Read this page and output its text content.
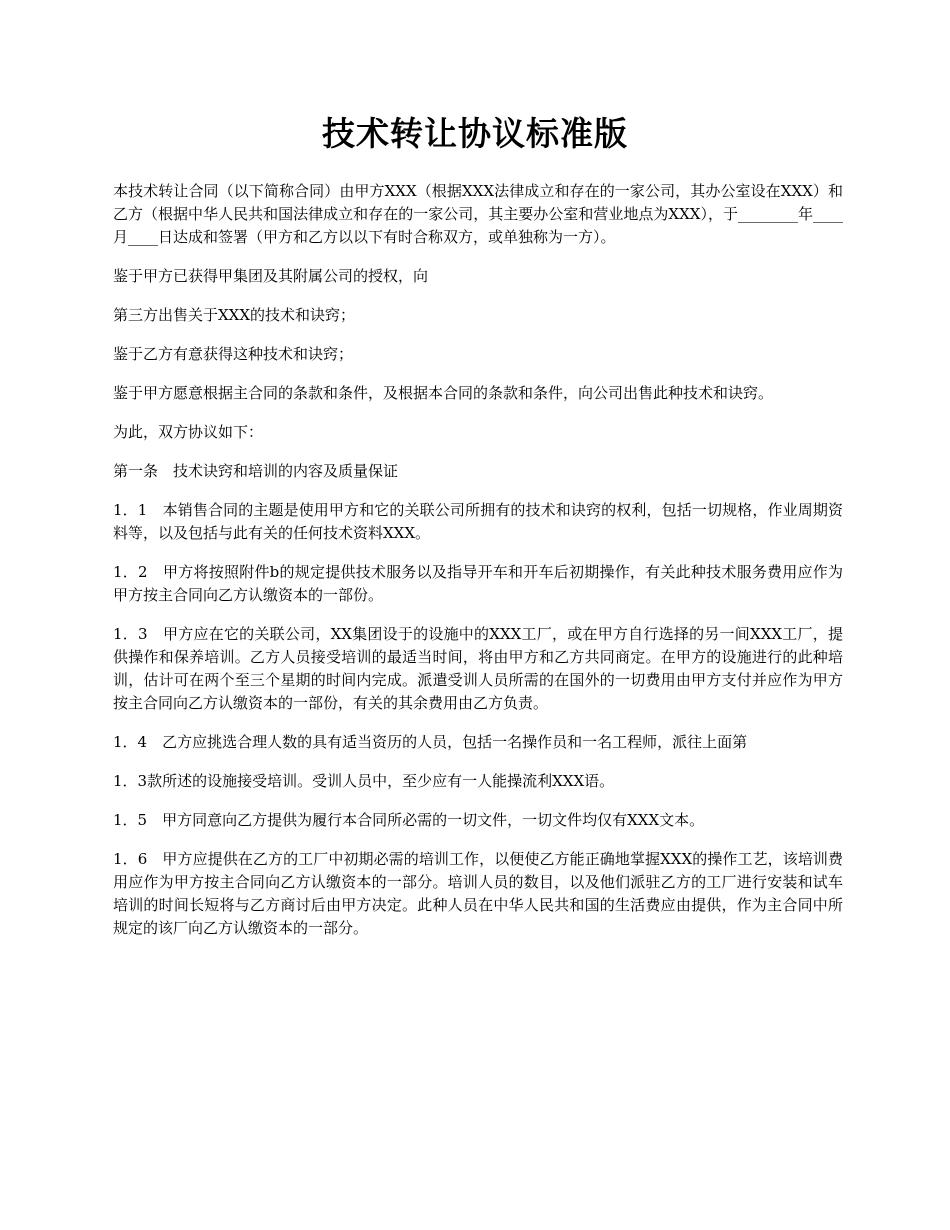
技术转让协议标准版

本技术转让合同（以下简称合同）由甲方XXX（根据XXX法律成立和存在的一家公司，其办公室设在XXX）和乙方（根据中华人民共和国法律成立和存在的一家公司，其主要办公室和营业地点为XXX），于________年____月____日达成和签署（甲方和乙方以以下有时合称双方，或单独称为一方）。

鉴于甲方已获得甲集团及其附属公司的授权，向

第三方出售关于XXX的技术和诀窍；

鉴于乙方有意获得这种技术和诀窍；

鉴于甲方愿意根据主合同的条款和条件，及根据本合同的条款和条件，向公司出售此种技术和诀窍。

为此，双方协议如下：

第一条　技术诀窍和培训的内容及质量保证

1．1　本销售合同的主题是使用甲方和它的关联公司所拥有的技术和诀窍的权利，包括一切规格，作业周期资料等，以及包括与此有关的任何技术资料XXX。

1．2　甲方将按照附件b的规定提供技术服务以及指导开车和开车后初期操作，有关此种技术服务费用应作为甲方按主合同向乙方认缴资本的一部份。

1．3　甲方应在它的关联公司，XX集团设于的设施中的XXX工厂，或在甲方自行选择的另一间XXX工厂，提供操作和保养培训。乙方人员接受培训的最适当时间，将由甲方和乙方共同商定。在甲方的设施进行的此种培训，估计可在两个至三个星期的时间内完成。派遣受训人员所需的在国外的一切费用由甲方支付并应作为甲方按主合同向乙方认缴资本的一部份，有关的其余费用由乙方负责。

1．4　乙方应挑选合理人数的具有适当资历的人员，包括一名操作员和一名工程师，派往上面第

1．3款所述的设施接受培训。受训人员中，至少应有一人能操流利XXX语。

1．5　甲方同意向乙方提供为履行本合同所必需的一切文件，一切文件均仅有XXX文本。

1．6　甲方应提供在乙方的工厂中初期必需的培训工作，以便使乙方能正确地掌握XXX的操作工艺，该培训费用应作为甲方按主合同向乙方认缴资本的一部分。培训人员的数目，以及他们派驻乙方的工厂进行安装和试车培训的时间长短将与乙方商讨后由甲方决定。此种人员在中华人民共和国的生活费应由提供，作为主合同中所规定的该厂向乙方认缴资本的一部分。
